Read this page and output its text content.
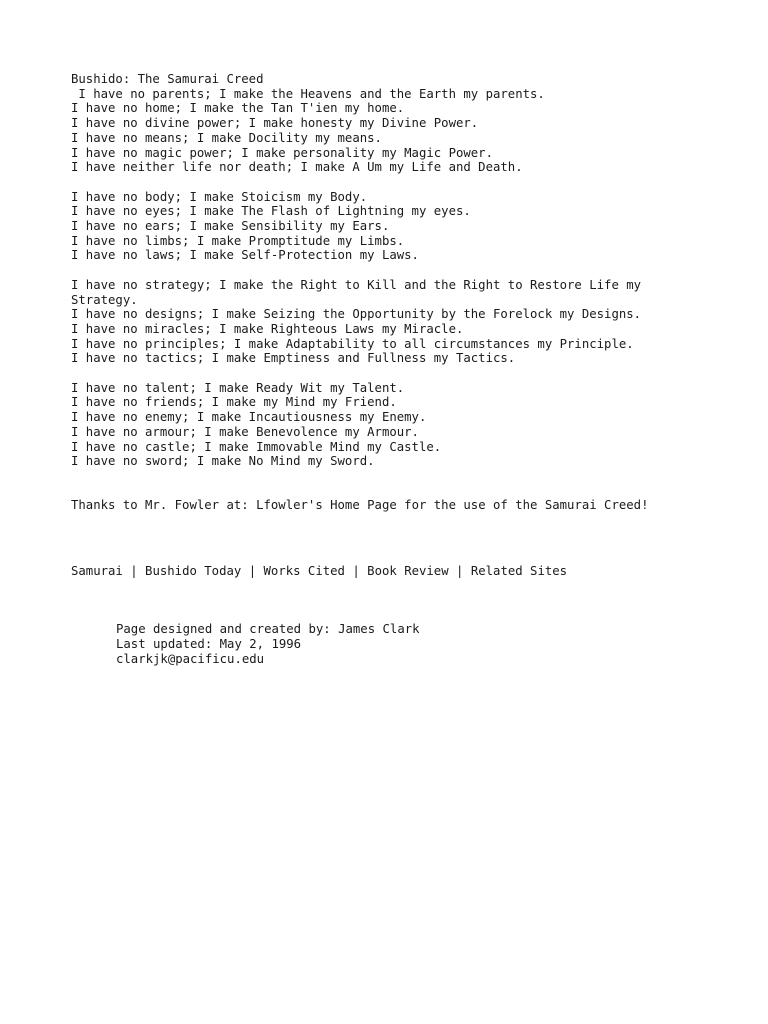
Bushido: The Samurai Creed
I have no parents; I make the Heavens and the Earth my parents.
I have no home; I make the Tan T'ien my home.
I have no divine power; I make honesty my Divine Power.
I have no means; I make Docility my means.
I have no magic power; I make personality my Magic Power.
I have neither life nor death; I make A Um my Life and Death.
I have no body; I make Stoicism my Body.
I have no eyes; I make The Flash of Lightning my eyes.
I have no ears; I make Sensibility my Ears.
I have no limbs; I make Promptitude my Limbs.
I have no laws; I make Self-Protection my Laws.
I have no strategy; I make the Right to Kill and the Right to Restore Life my Strategy.
I have no designs; I make Seizing the Opportunity by the Forelock my Designs.
I have no miracles; I make Righteous Laws my Miracle.
I have no principles; I make Adaptability to all circumstances my Principle.
I have no tactics; I make Emptiness and Fullness my Tactics.
I have no talent; I make Ready Wit my Talent.
I have no friends; I make my Mind my Friend.
I have no enemy; I make Incautiousness my Enemy.
I have no armour; I make Benevolence my Armour.
I have no castle; I make Immovable Mind my Castle.
I have no sword; I make No Mind my Sword.
Thanks to Mr. Fowler at: Lfowler's Home Page for the use of the Samurai Creed!
Samurai | Bushido Today | Works Cited | Book Review | Related Sites
Page designed and created by: James Clark
Last updated: May 2, 1996
clarkjk@pacificu.edu
